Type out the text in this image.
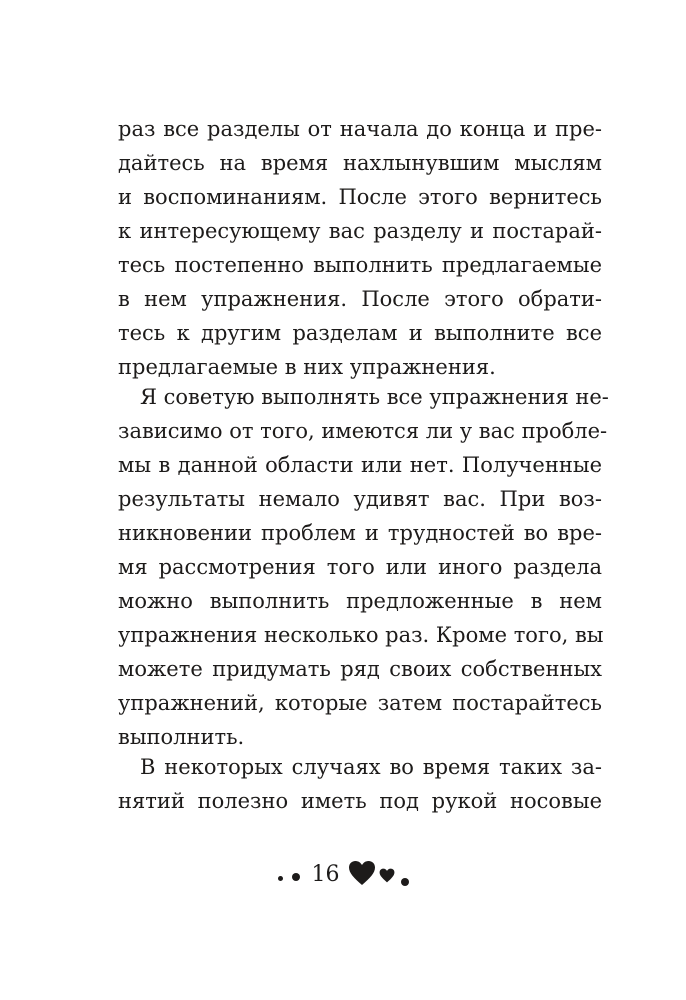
раз все разделы от начала до конца и пре-
дайтесь на время нахлынувшим мыслям
и воспоминаниям. После этого вернитесь
к интересующему вас разделу и постарай-
тесь постепенно выполнить предлагаемые
в нем упражнения. После этого обрати-
тесь к другим разделам и выполните все
предлагаемые в них упражнения.
Я советую выполнять все упражнения не-
зависимо от того, имеются ли у вас пробле-
мы в данной области или нет. Полученные
результаты немало удивят вас. При воз-
никновении проблем и трудностей во вре-
мя рассмотрения того или иного раздела
можно выполнить предложенные в нем
упражнения несколько раз. Кроме того, вы
можете придумать ряд своих собственных
упражнений, которые затем постарайтесь
выполнить.
В некоторых случаях во время таких за-
нятий полезно иметь под рукой носовые
16
